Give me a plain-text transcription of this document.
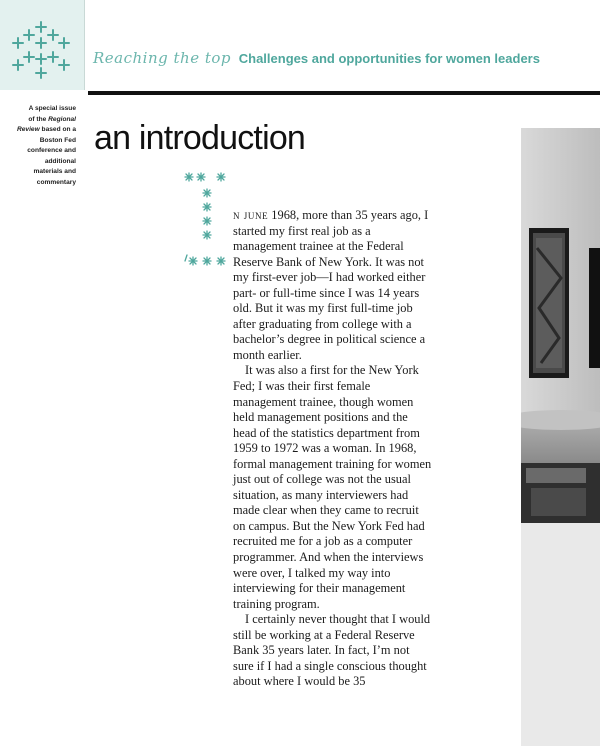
Reaching the top Challenges and opportunities for women leaders
A special issue
of the Regional
Review based on a
Boston Fed
conference and
additional
materials and
commentary
an introduction

n june 1968, more than 35 years ago, I started my first real job as a management trainee at the Federal Reserve Bank of New York. It was not my first-ever job—I had worked either part- or full-time since I was 14 years old. But it was my first full-time job after graduating from college with a bachelor’s degree in political science a month earlier.

It was also a first for the New York Fed; I was their first female management trainee, though women held management positions and the head of the statistics department from 1959 to 1972 was a woman. In 1968, formal management training for women just out of college was not the usual situation, as many interviewers had made clear when they came to recruit on campus. But the New York Fed had recruited me for a job as a computer programmer. And when the interviews were over, I talked my way into interviewing for their management training program.

I certainly never thought that I would still be working at a Federal Reserve Bank 35 years later. In fact, I’m not sure if I had a single conscious thought about where I would be 35
